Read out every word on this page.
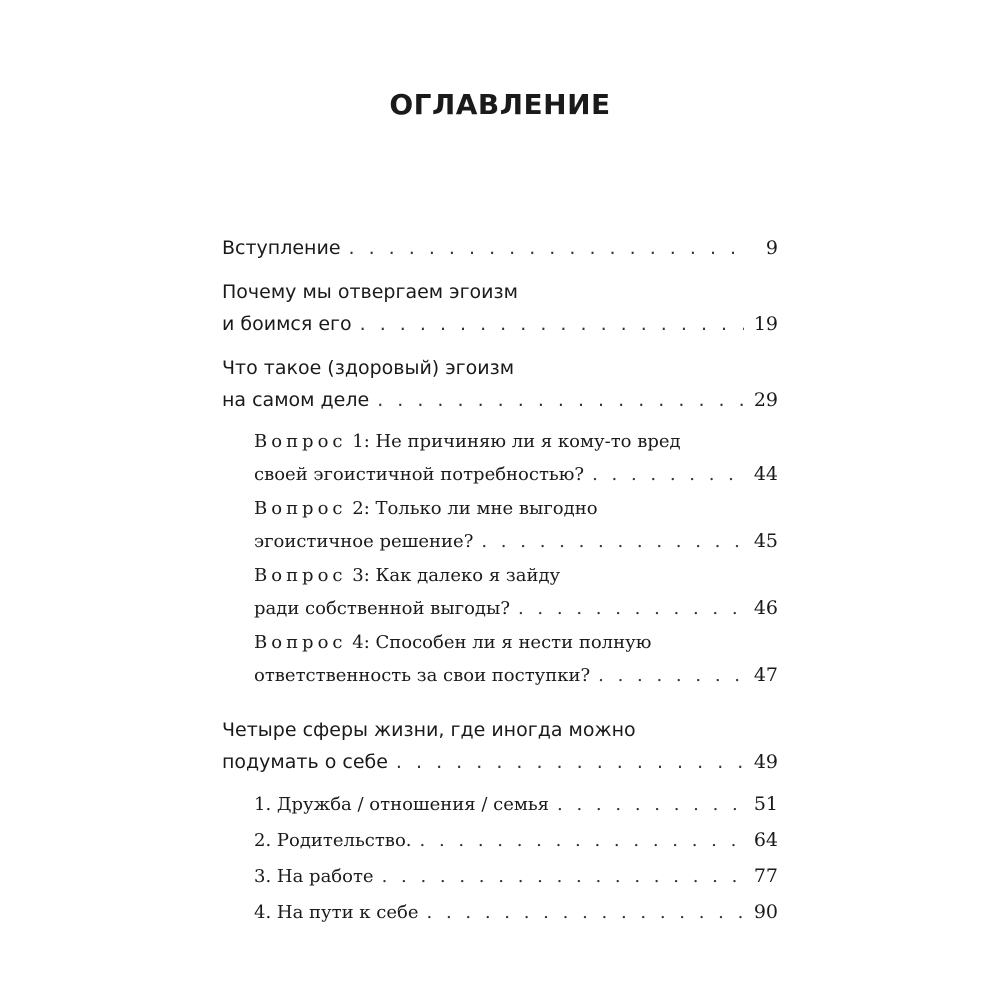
ОГЛАВЛЕНИЕ
Вступление . . .	9
Почему мы отвергаем эгоизм
и боимся его . . .	19
Что такое (здоровый) эгоизм
на самом деле . . .	29
Вопрос 1: Не причиняю ли я кому-то вред
своей эгоистичной потребностью? . . .	44
Вопрос 2: Только ли мне выгодно
эгоистичное решение? . . .	45
Вопрос 3: Как далеко я зайду
ради собственной выгоды? . . .	46
Вопрос 4: Способен ли я нести полную
ответственность за свои поступки? . . .	47
Четыре сферы жизни, где иногда можно
подумать о себе . . .	49
1. Дружба / отношения / семья . . .	51
2. Родительство. . . .	64
3. На работе . . .	77
4. На пути к себе . . .	90
